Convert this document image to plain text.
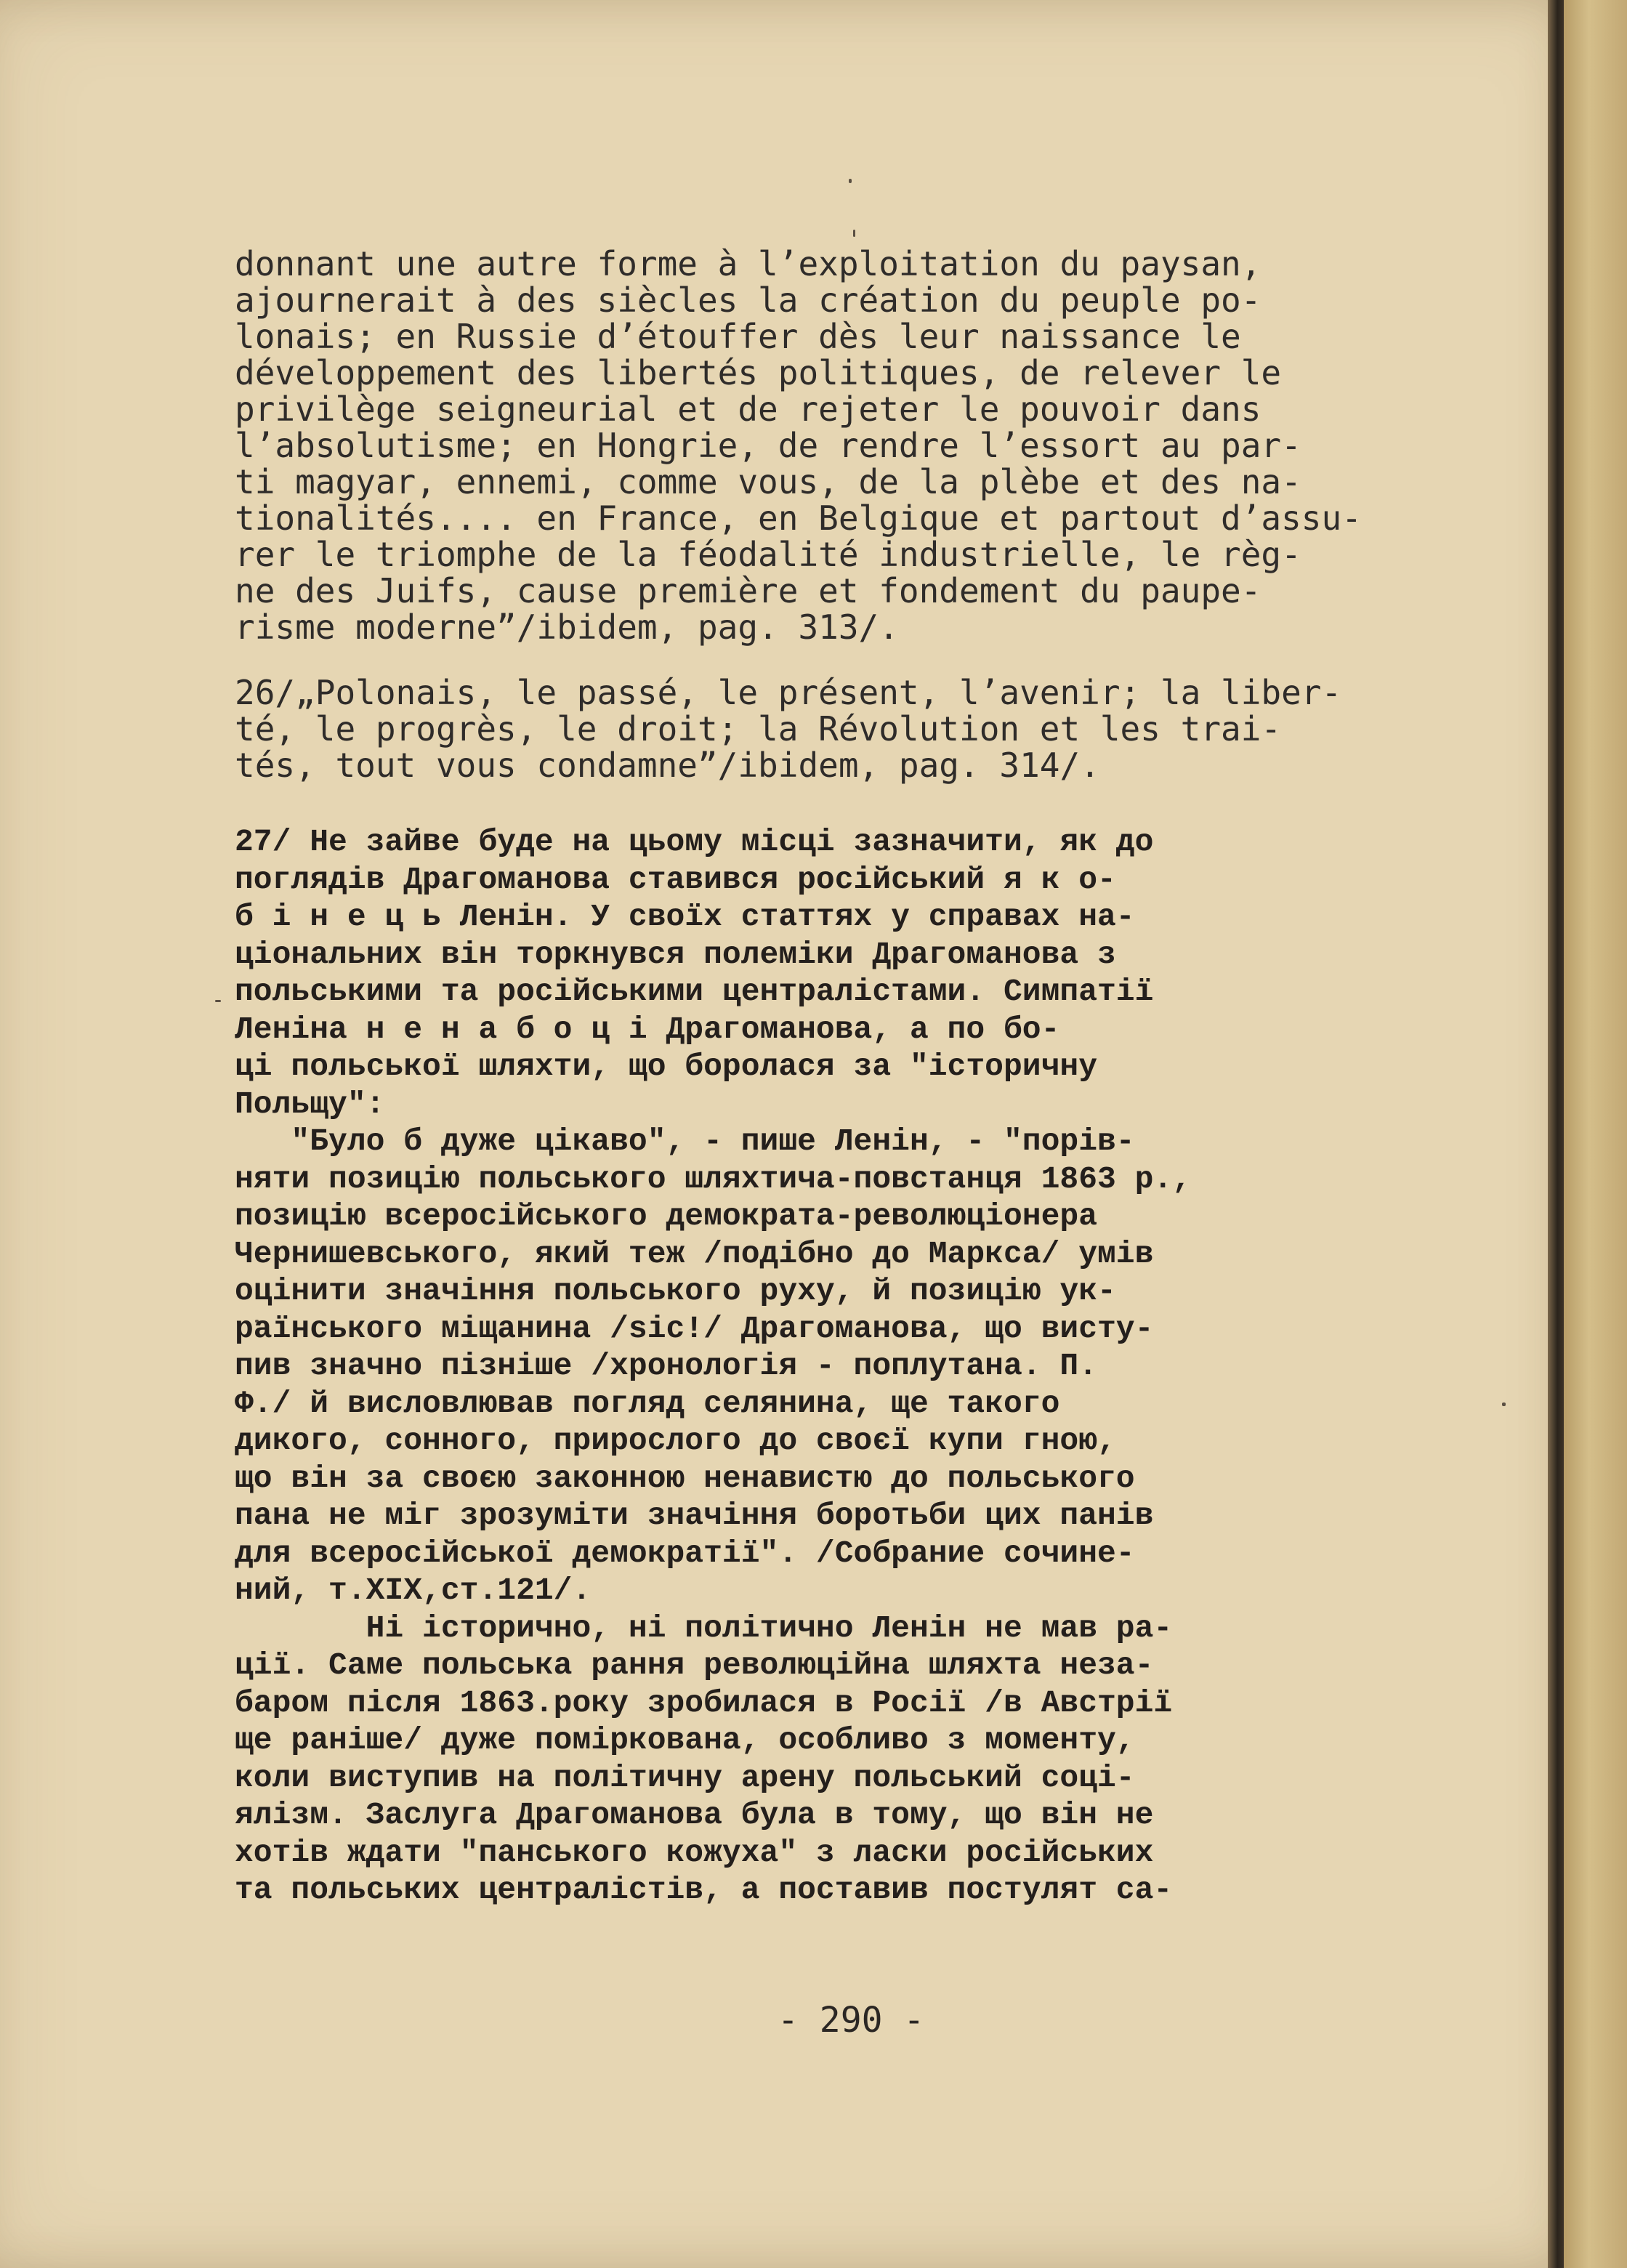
donnant une autre forme à l’exploitation du paysan,

ajournerait à des siècles la création du peuple po-

lonais; en Russie d’étouffer dès leur naissance le

développement des libertés politiques, de relever le

privilège seigneurial et de rejeter le pouvoir dans

l’absolutisme; en Hongrie, de rendre l’essort au par-

ti magyar, ennemi, comme vous, de la plèbe et des na-

tionalités.... en France, en Belgique et partout d’assu-

rer le triomphe de la féodalité industrielle, le règ-

ne des Juifs, cause première et fondement du paupe-

risme moderne”/ibidem, pag. 313/.

26/„Polonais, le passé, le présent, l’avenir; la liber-

té, le progrès, le droit; la Révolution et les trai-

tés, tout vous condamne”/ibidem, pag. 314/.

27/ Не зайве буде на цьому місці зазначити, як до

поглядів Драгоманова ставився російський я к о-

б і н е ц ь Ленін. У своїх статтях у справах на-

ціональних він торкнувся полеміки Драгоманова з

польськими та російськими централістами. Симпатії

Леніна н е н а б о ц і Драгоманова, а по бо-

ці польської шляхти, що боролася за "історичну

Польщу":

"Було б дуже цікаво", - пише Ленін, - "порів-

няти позицію польського шляхтича-повстанця 1863 р.,

позицію всеросійського демократа-революціонера

Чернишевського, який теж /подібно до Маркса/ умів

оцінити значіння польського руху, й позицію ук-

раїнського міщанина /sic!/ Драгоманова, що висту-

пив значно пізніше /хронологія - поплутана. П.

Ф./ й висловлював погляд селянина, ще такого

дикого, сонного, прироcлого до своєї купи гною,

що він за своєю законною ненавистю до польського

пана не міг зрозуміти значіння боротьби цих панів

для всеросійської демократії". /Собрание сочине-

ний, т.XIX,ст.121/.

Ні історично, ні політично Ленін не мав ра-

ції. Саме польська рання революційна шляхта неза-

баром після 1863.року зробилася в Росії /в Австрії

ще раніше/ дуже поміркована, особливо з моменту,

коли виступив на політичну арену польський соці-

ялізм. Заслуга Драгоманова була в тому, що він не

хотів ждати "панського кожуха" з ласки російських

та польських централістів, а поставив постулят са-

- 290 -
